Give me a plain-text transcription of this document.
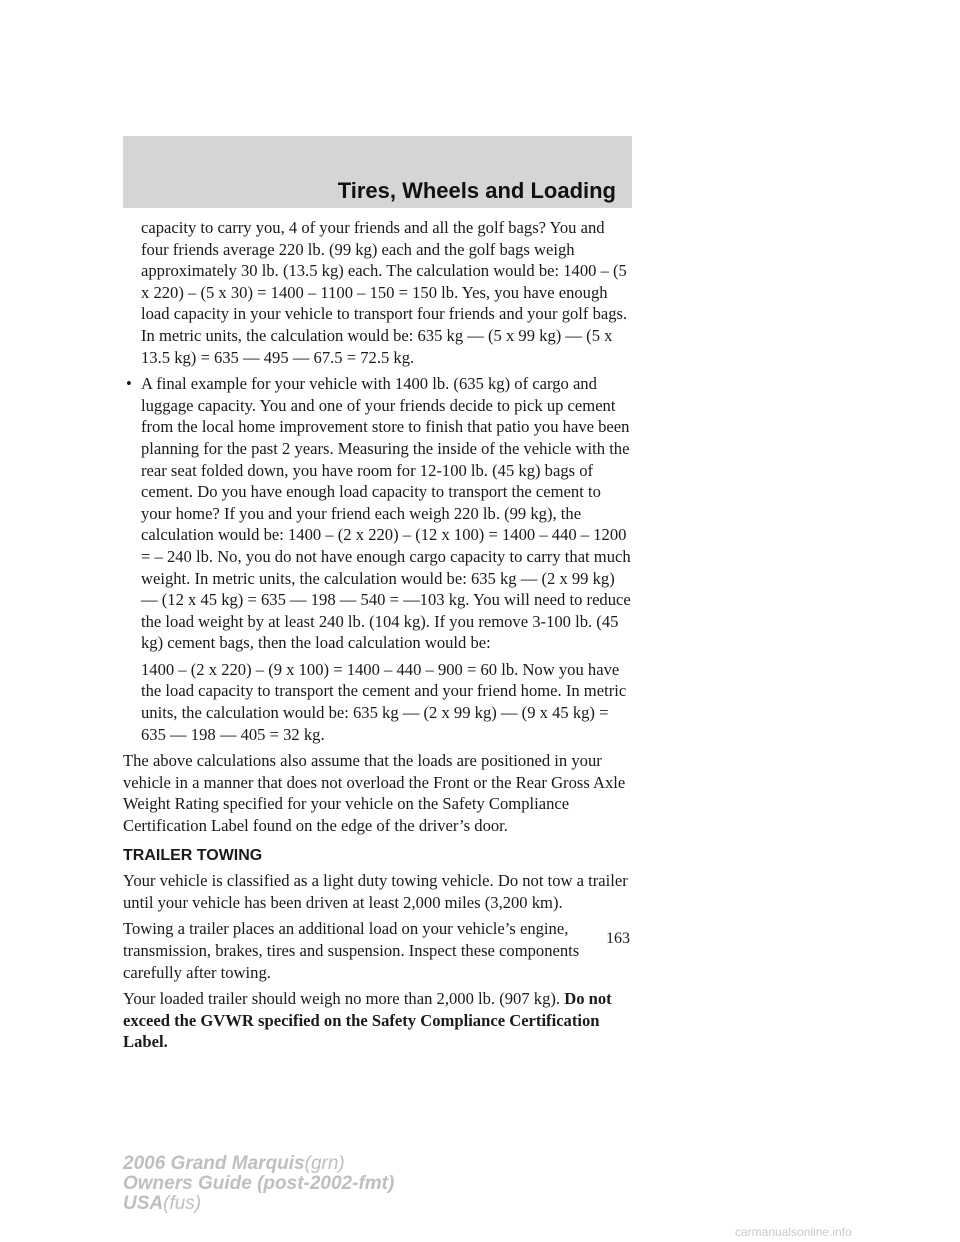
Tires, Wheels and Loading

capacity to carry you, 4 of your friends and all the golf bags? You and four friends average 220 lb. (99 kg) each and the golf bags weigh approximately 30 lb. (13.5 kg) each. The calculation would be: 1400 – (5 x 220) – (5 x 30) = 1400 – 1100 – 150 = 150 lb. Yes, you have enough load capacity in your vehicle to transport four friends and your golf bags. In metric units, the calculation would be: 635 kg — (5 x 99 kg) — (5 x 13.5 kg) = 635 — 495 — 67.5 = 72.5 kg.

• A final example for your vehicle with 1400 lb. (635 kg) of cargo and luggage capacity. You and one of your friends decide to pick up cement from the local home improvement store to finish that patio you have been planning for the past 2 years. Measuring the inside of the vehicle with the rear seat folded down, you have room for 12-100 lb. (45 kg) bags of cement. Do you have enough load capacity to transport the cement to your home? If you and your friend each weigh 220 lb. (99 kg), the calculation would be: 1400 – (2 x 220) – (12 x 100) = 1400 – 440 – 1200 = – 240 lb. No, you do not have enough cargo capacity to carry that much weight. In metric units, the calculation would be: 635 kg — (2 x 99 kg) — (12 x 45 kg) = 635 — 198 — 540 = —103 kg. You will need to reduce the load weight by at least 240 lb. (104 kg). If you remove 3-100 lb. (45 kg) cement bags, then the load calculation would be:

1400 – (2 x 220) – (9 x 100) = 1400 – 440 – 900 = 60 lb. Now you have the load capacity to transport the cement and your friend home. In metric units, the calculation would be: 635 kg — (2 x 99 kg) — (9 x 45 kg) = 635 — 198 — 405 = 32 kg.

The above calculations also assume that the loads are positioned in your vehicle in a manner that does not overload the Front or the Rear Gross Axle Weight Rating specified for your vehicle on the Safety Compliance Certification Label found on the edge of the driver’s door.

TRAILER TOWING

Your vehicle is classified as a light duty towing vehicle. Do not tow a trailer until your vehicle has been driven at least 2,000 miles (3,200 km).

Towing a trailer places an additional load on your vehicle’s engine, transmission, brakes, tires and suspension. Inspect these components carefully after towing.

Your loaded trailer should weigh no more than 2,000 lb. (907 kg). Do not exceed the GVWR specified on the Safety Compliance Certification Label.

163
2006 Grand Marquis(grn)
Owners Guide (post-2002-fmt)
USA(fus)
carmanualsonline.info
